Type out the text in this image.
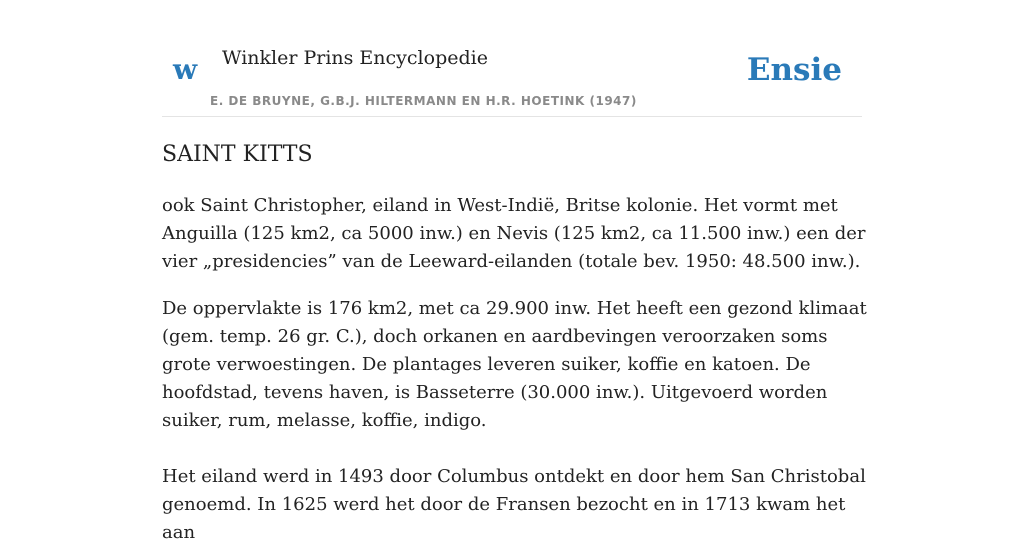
w Winkler Prins Encyclopedie
E. DE BRUYNE, G.B.J. HILTERMANN EN H.R. HOETINK (1947)
Ensie
SAINT KITTS

ook Saint Christopher, eiland in West-Indië, Britse kolonie. Het vormt met Anguilla (125 km2, ca 5000 inw.) en Nevis (125 km2, ca 11.500 inw.) een der vier „presidencies” van de Leeward-eilanden (totale bev. 1950: 48.500 inw.).

De oppervlakte is 176 km2, met ca 29.900 inw. Het heeft een gezond klimaat (gem. temp. 26 gr. C.), doch orkanen en aardbevingen veroorzaken soms grote verwoestingen. De plantages leveren suiker, koffie en katoen. De hoofdstad, tevens haven, is Basseterre (30.000 inw.). Uitgevoerd worden suiker, rum, melasse, koffie, indigo.

Het eiland werd in 1493 door Columbus ontdekt en door hem San Christobal genoemd. In 1625 werd het door de Fransen bezocht en in 1713 kwam het aan
